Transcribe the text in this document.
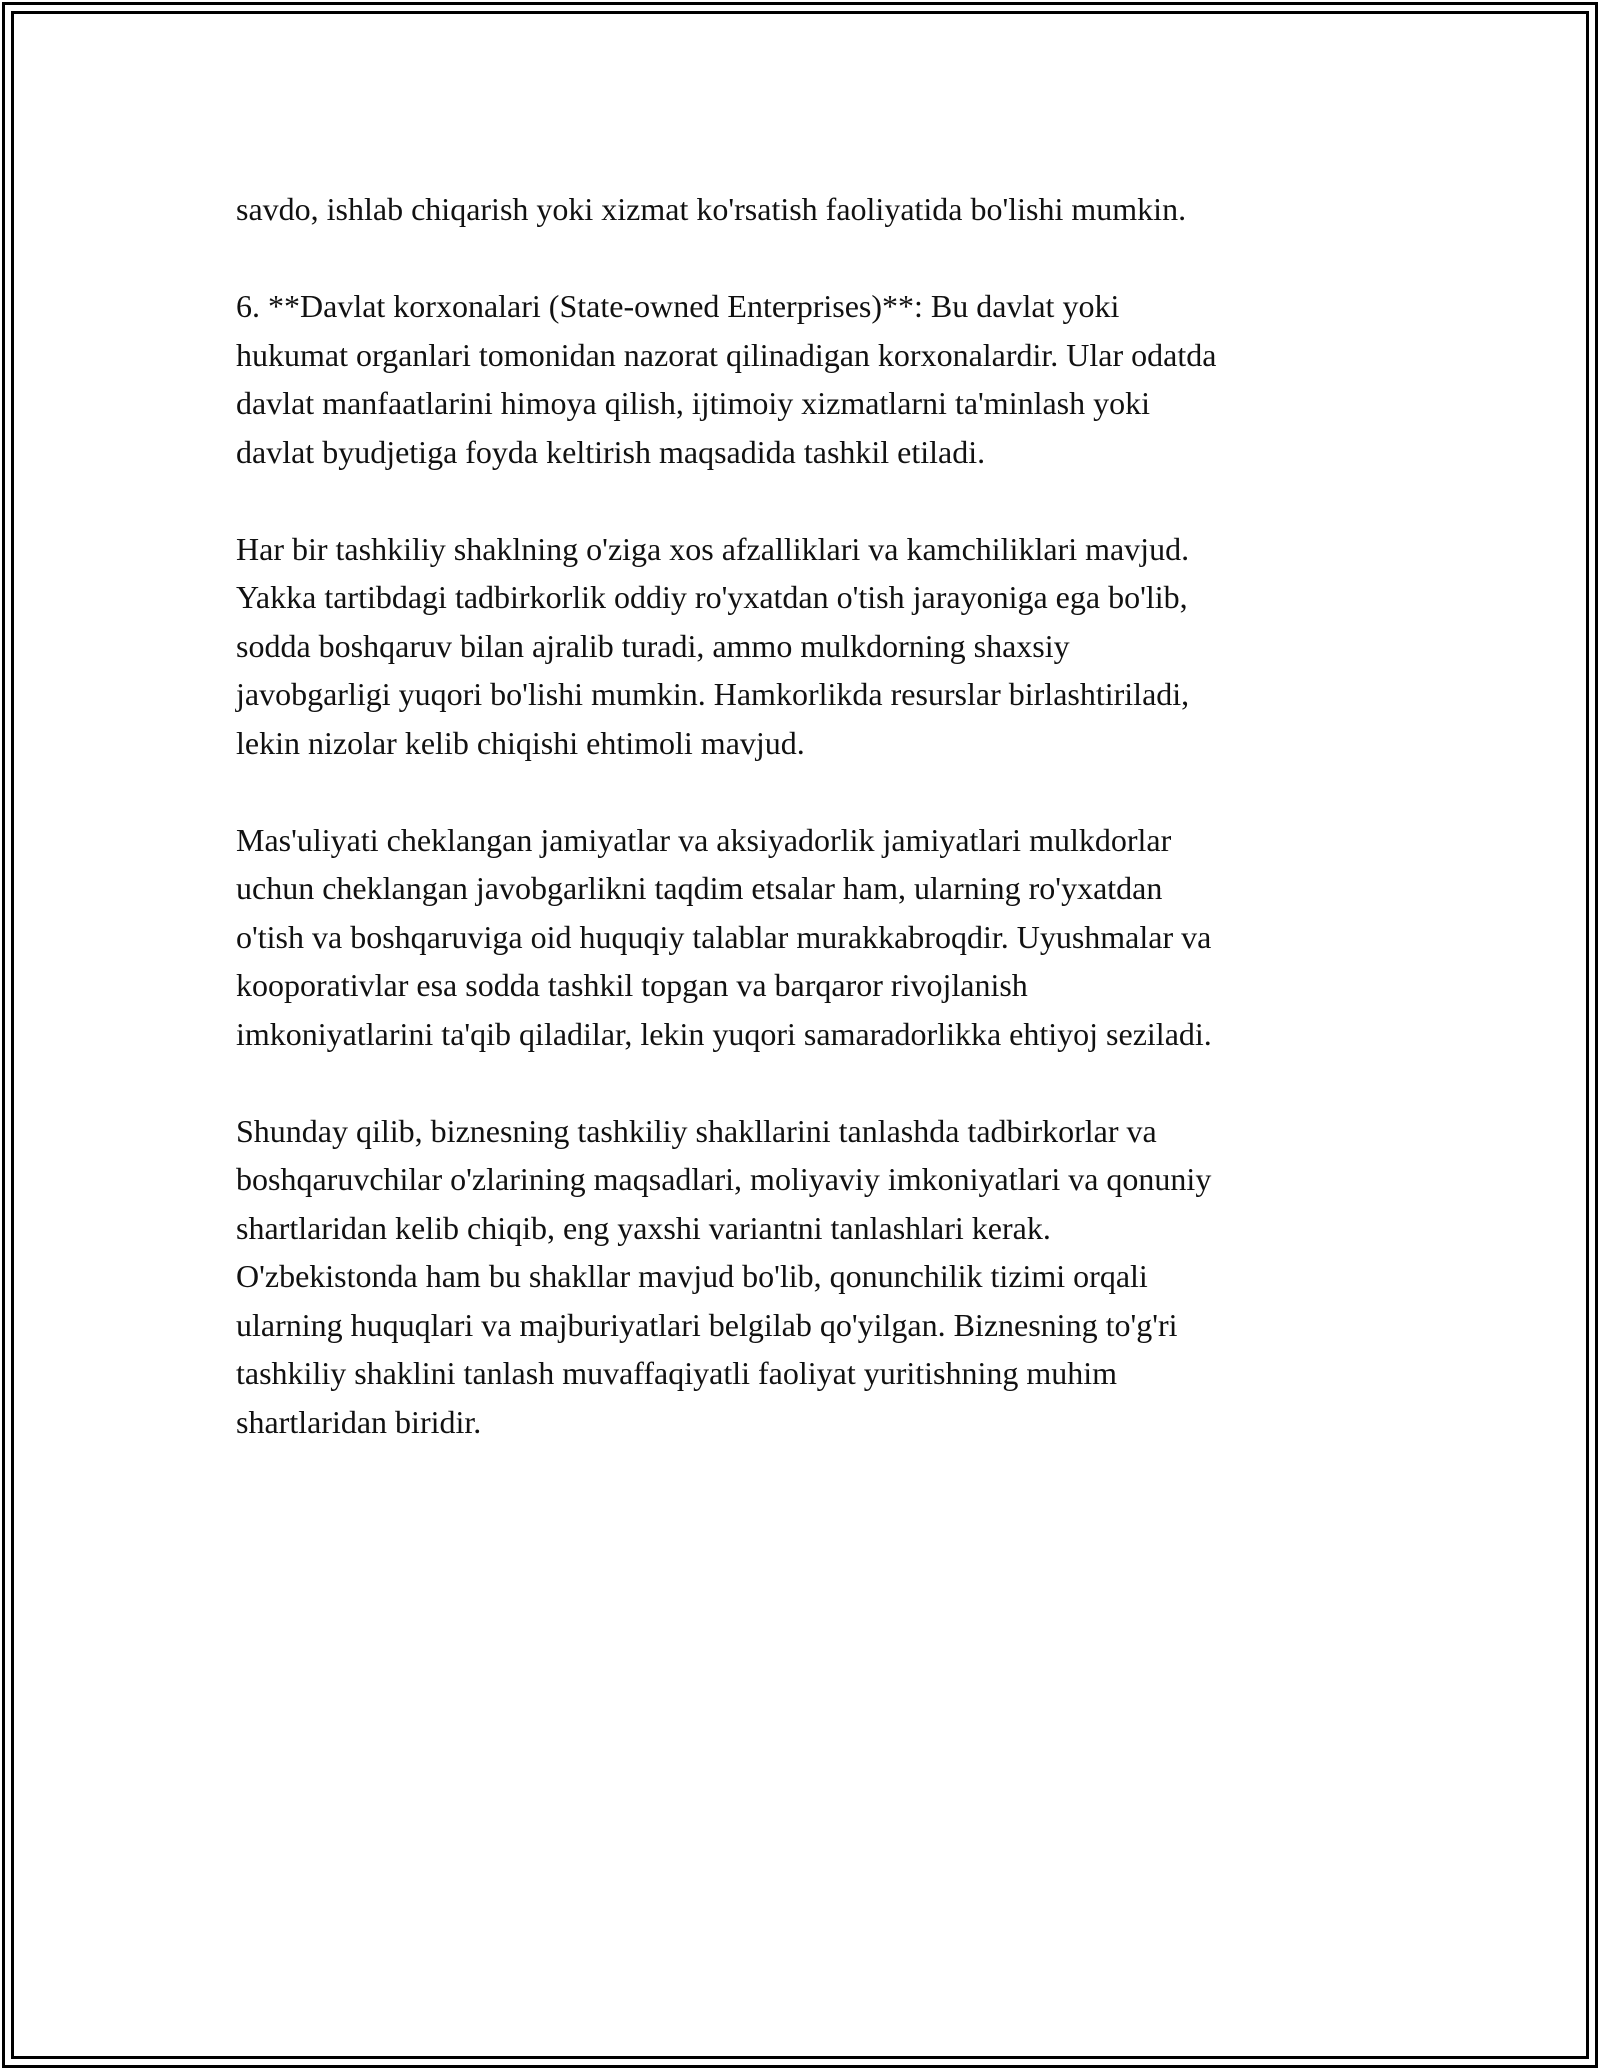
savdo, ishlab chiqarish yoki xizmat ko'rsatish faoliyatida bo'lishi mumkin.

6. **Davlat korxonalari (State-owned Enterprises)**: Bu davlat yoki
hukumat organlari tomonidan nazorat qilinadigan korxonalardir. Ular odatda
davlat manfaatlarini himoya qilish, ijtimoiy xizmatlarni ta'minlash yoki
davlat byudjetiga foyda keltirish maqsadida tashkil etiladi.

Har bir tashkiliy shaklning o'ziga xos afzalliklari va kamchiliklari mavjud.
Yakka tartibdagi tadbirkorlik oddiy ro'yxatdan o'tish jarayoniga ega bo'lib,
sodda boshqaruv bilan ajralib turadi, ammo mulkdorning shaxsiy
javobgarligi yuqori bo'lishi mumkin. Hamkorlikda resurslar birlashtiriladi,
lekin nizolar kelib chiqishi ehtimoli mavjud.

Mas'uliyati cheklangan jamiyatlar va aksiyadorlik jamiyatlari mulkdorlar
uchun cheklangan javobgarlikni taqdim etsalar ham, ularning ro'yxatdan
o'tish va boshqaruviga oid huquqiy talablar murakkabroqdir. Uyushmalar va
kooporativlar esa sodda tashkil topgan va barqaror rivojlanish
imkoniyatlarini ta'qib qiladilar, lekin yuqori samaradorlikka ehtiyoj seziladi.

Shunday qilib, biznesning tashkiliy shakllarini tanlashda tadbirkorlar va
boshqaruvchilar o'zlarining maqsadlari, moliyaviy imkoniyatlari va qonuniy
shartlaridan kelib chiqib, eng yaxshi variantni tanlashlari kerak.
O'zbekistonda ham bu shakllar mavjud bo'lib, qonunchilik tizimi orqali
ularning huquqlari va majburiyatlari belgilab qo'yilgan. Biznesning to'g'ri
tashkiliy shaklini tanlash muvaffaqiyatli faoliyat yuritishning muhim
shartlaridan biridir.
